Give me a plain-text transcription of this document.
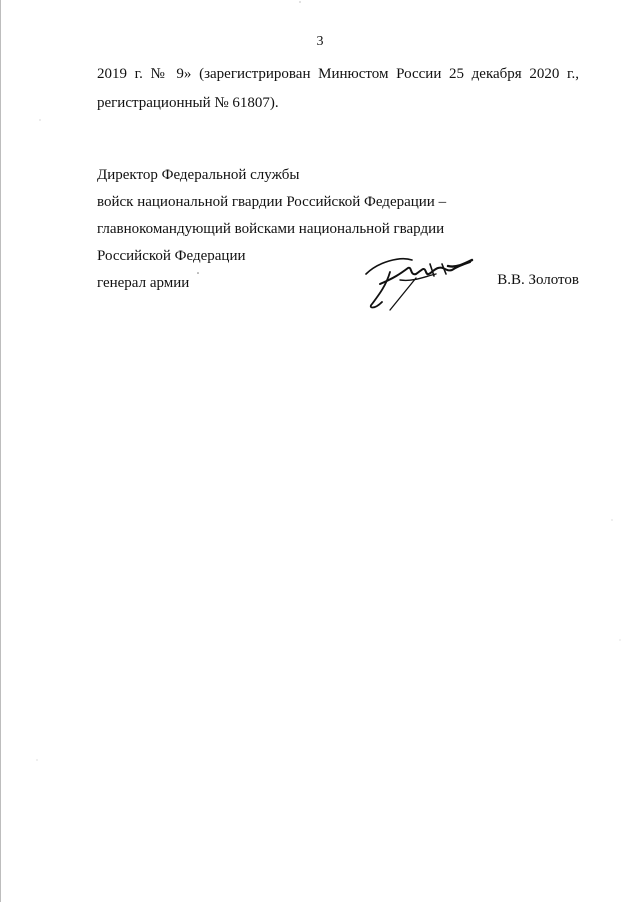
3
2019 г. № 9» (зарегистрирован Минюстом России 25 декабря 2020 г.,
регистрационный № 61807).
Директор Федеральной службы
войск национальной гвардии Российской Федерации –
главнокомандующий войсками национальной гвардии
Российской Федерации
генерал армии	В.В. Золотов
